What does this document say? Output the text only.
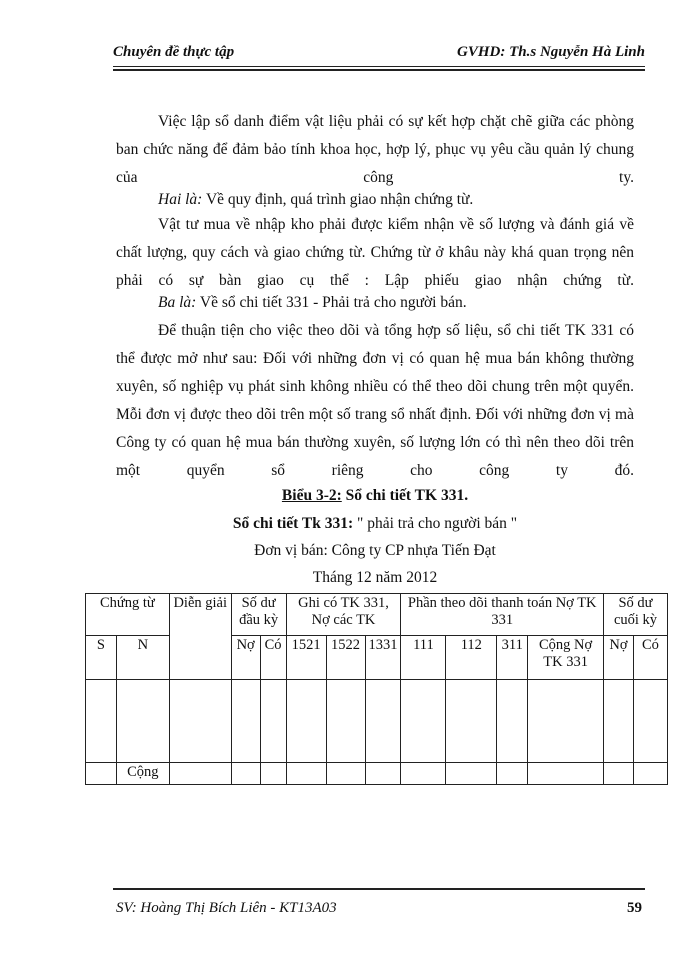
Chuyên đề thực tập	GVHD: Th.s Nguyễn Hà Linh

Việc lập sổ danh điểm vật liệu phải có sự kết hợp chặt chẽ giữa các phòng ban chức năng để đảm bảo tính khoa học, hợp lý, phục vụ yêu cầu quản lý chung của công ty.

Hai là: Về quy định, quá trình giao nhận chứng từ.

Vật tư mua về nhập kho phải được kiểm nhận về số lượng và đánh giá về chất lượng, quy cách và giao chứng từ. Chứng từ ở khâu này khá quan trọng nên phải có sự bàn giao cụ thể : Lập phiếu giao nhận chứng từ.

Ba là: Về sổ chi tiết 331 - Phải trả cho người bán.

Để thuận tiện cho việc theo dõi và tổng hợp số liệu, sổ chi tiết TK 331 có thể được mở như sau: Đối với những đơn vị có quan hệ mua bán không thường xuyên, số nghiệp vụ phát sinh không nhiều có thể theo dõi chung trên một quyển. Mỗi đơn vị được theo dõi trên một số trang sổ nhất định. Đối với những đơn vị mà Công ty có quan hệ mua bán thường xuyên, số lượng lớn có thì nên theo dõi trên một quyển sổ riêng cho công ty đó.

Biểu 3-2: Sổ chi tiết TK 331.
Sổ chi tiết Tk 331: " phải trả cho người bán "
Đơn vị bán: Công ty CP nhựa Tiến Đạt
Tháng 12 năm 2012
Chứng từ		Diễn giải	Số dư đầu kỳ		Ghi có TK 331, Nợ các TK			Phần theo dõi thanh toán Nợ TK 331				Số dư cuối kỳ	
S	N		Nợ	Có	1521	1522	1331	111	112	311	Cộng Nợ TK 331	Nợ	Có

	Cộng												
SV: Hoàng Thị Bích Liên - KT13A03	59
